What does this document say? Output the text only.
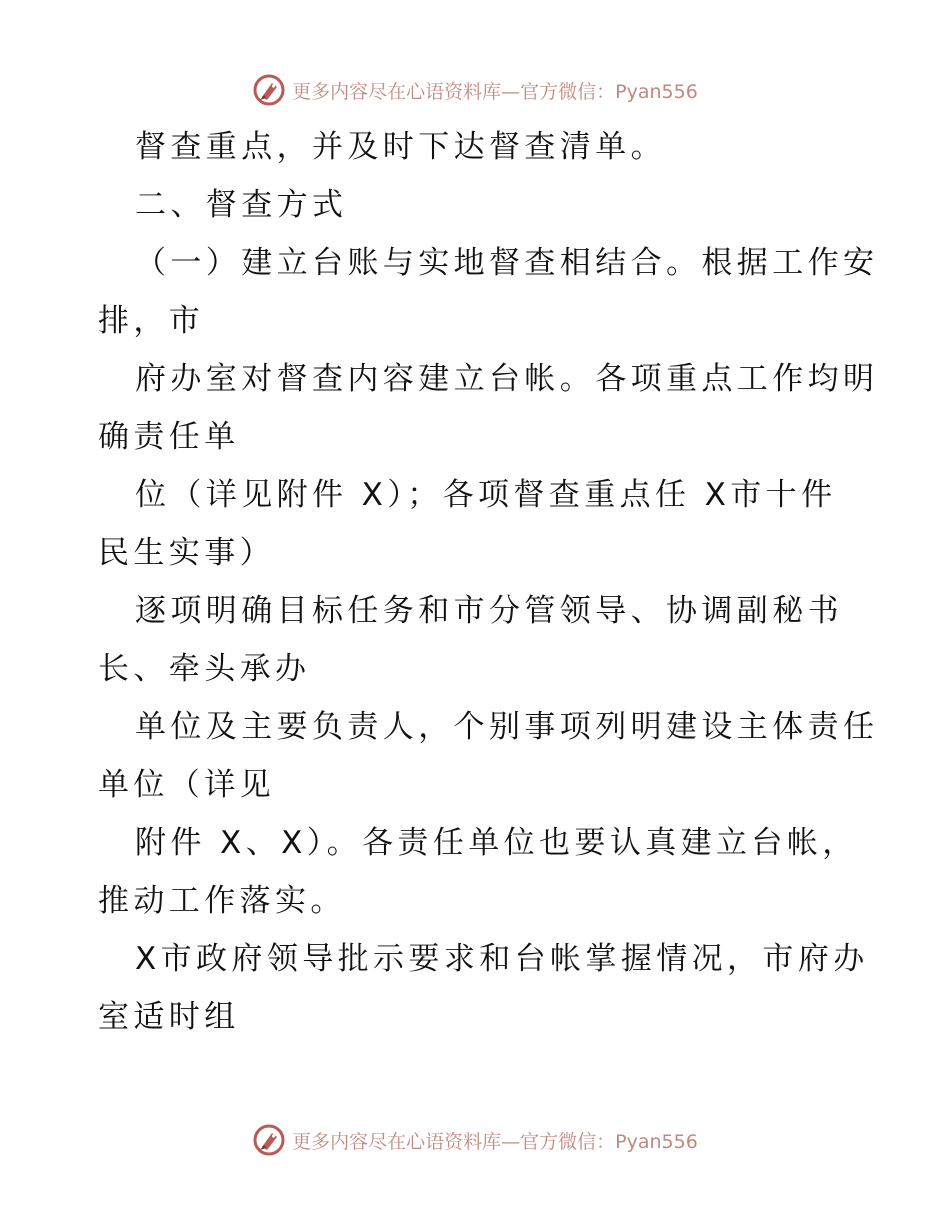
更多内容尽在心语资料库—官方微信：Pyan556
督查重点，并及时下达督查清单。
二、督查方式
（一）建立台账与实地督查相结合。根据工作安
排，市
府办室对督查内容建立台帐。各项重点工作均明
确责任单
位（详见附件 X）；各项督查重点任 X市十件
民生实事）
逐项明确目标任务和市分管领导、协调副秘书
长、牵头承办
单位及主要负责人，个别事项列明建设主体责任
单位（详见
附件 X、X）。各责任单位也要认真建立台帐，
推动工作落实。
X市政府领导批示要求和台帐掌握情况，市府办
室适时组
更多内容尽在心语资料库—官方微信：Pyan556
